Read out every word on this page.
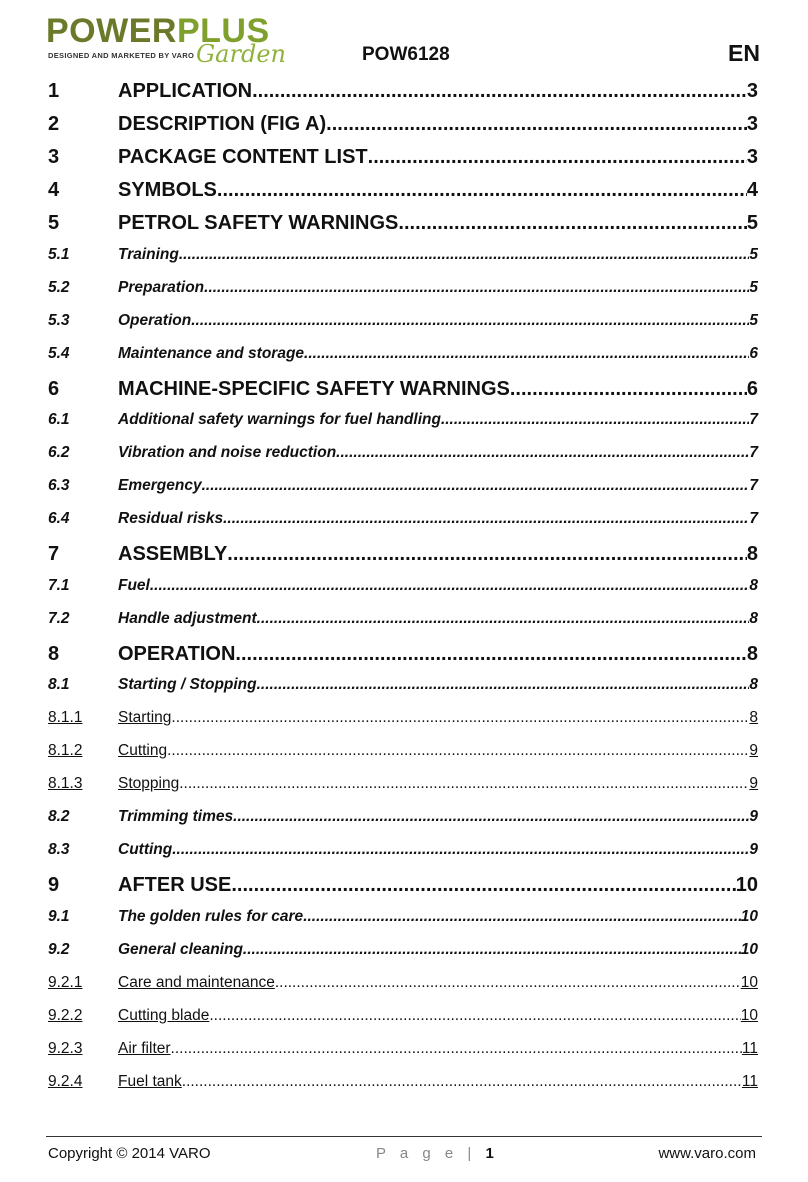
POWERPLUS
DESIGNED AND MARKETED BY VARO Garden	POW6128	EN
1	APPLICATION .....	3
2	DESCRIPTION (FIG A) .....	3
3	PACKAGE CONTENT LIST .....	3
4	SYMBOLS .....	4
5	PETROL SAFETY WARNINGS .....	5
5.1	Training .....	5
5.2	Preparation .....	5
5.3	Operation .....	5
5.4	Maintenance and storage .....	6
6	MACHINE-SPECIFIC SAFETY WARNINGS .....	6
6.1	Additional safety warnings for fuel handling .....	7
6.2	Vibration and noise reduction .....	7
6.3	Emergency .....	7
6.4	Residual risks .....	7
7	ASSEMBLY .....	8
7.1	Fuel .....	8
7.2	Handle adjustment .....	8
8	OPERATION .....	8
8.1	Starting / Stopping .....	8
8.1.1	Starting .....	8
8.1.2	Cutting .....	9
8.1.3	Stopping .....	9
8.2	Trimming times .....	9
8.3	Cutting .....	9
9	AFTER USE .....	10
9.1	The golden rules for care .....	10
9.2	General cleaning .....	10
9.2.1	Care and maintenance .....	10
9.2.2	Cutting blade .....	10
9.2.3	Air filter .....	11
9.2.4	Fuel tank .....	11
Copyright © 2014 VARO	P a g e | 1	www.varo.com
